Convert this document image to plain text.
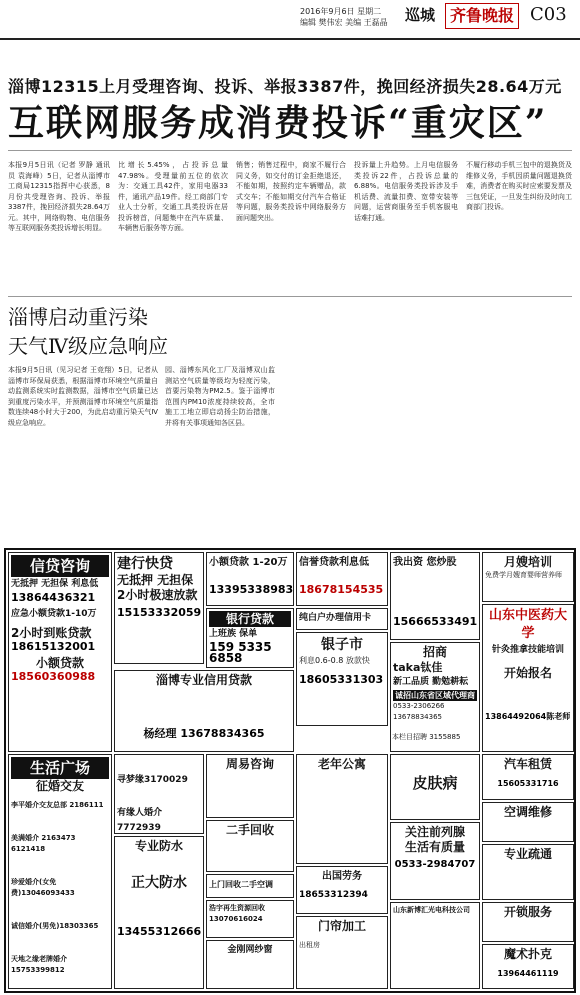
2016年9月6日 星期二
编辑 樊伟宏 美编 王磊晶 巡城 齐鲁晚报 C03
淄博12315上月受理咨询、投诉、举报3387件，挽回经济损失28.64万元
互联网服务成消费投诉“重灾区”
本报9月5日讯（记者 罗静 通讯员 袁海峰）5日，记者从淄博市工商局12315指挥中心获悉，8月份共受理咨询、投诉、举报3387件，挽回经济损失28.64万元。其中，网络购物、电信服务等互联网服务类投诉增长明显。
比增长5.45%，占投诉总量47.98%。受理量前五位的依次为：交通工具42件，家用电器33件，通讯产品19件。经工商部门专业人士分析，交通工具类投诉在居投诉榜首，问题集中在汽车质量、车辆售后服务等方面。
销售；销售过程中，商家不履行合同义务，如交付的订金拒绝退还，不能如期，按照约定车辆赠品，款式交车；不能如期交付汽车合格证等问题，服务类投诉中网络服务方面问题突出。
投诉量上升趋势。上月电信服务类投诉22件，占投诉总量的6.88%。电信服务类投诉涉及手机话费、流量扣费、宽带安装等问题，运营商服务至手机客服电话难打通。
不履行移动手机三包中的退换货及维修义务，手机因质量问题退换货难，消费者在购买时应索要发票及三包凭证，一旦发生纠纷及时向工商部门投诉。
淄博启动重污染
天气Ⅳ级应急响应
本报9月5日讯（见习记者 王竞翔）5日，记者从淄博市环保局获悉，根据淄博市环境空气质量自动监测系统实时监测数据，淄博市空气质量已达到重度污染水平，并预测淄博市环境空气质量指数连续48小时大于200，为此启动重污染天气Ⅳ级应急响应。
园、淄博东风化工厂及淄博双山监测站空气质量等级均为轻度污染，首要污染物为PM2.5。鉴于淄博市范围内PM10浓度持续较高，全市施工工地立即启动扬尘防治措施，并将有关事项通知各区县。
信贷咨询
无抵押 无担保 利息低
13864436321
应急小额贷款1-10万
2小时到账贷款
18615132001
小额贷款
18560360988
建行快贷
无抵押 无担保
2小时极速放款
15153332059
小额贷款 1-20万
13395338983
银行贷款
上班族 保单
159 5335 6858
淄博专业信用贷款
杨经理 13678834365
信誉贷款利息低
18678154535
纯白户办理信用卡
银子市
利息0.6-0.8 放款快
18605331303
我出资 您炒股
15666533491
招商
taka钛佳
新工品质 勤勉耕耘
诚招山东省区域代理商
0533-2306266 13678834365
月嫂培训
免费学月嫂育婴师营养师
山东中医药大学
针灸推拿技能培训
开始报名
13864492064陈老师
生活广场
征婚交友
李平婚介交友总部 2186111
美满婚介 2163473 6121418
珍爱婚介(女免费)13046093433
诚信婚介(男免)18303365
天地之缘老牌婚介15753399812
寻梦缘3170029
有缘人婚介7772939
专业防水
正大防水
13455312666
周易咨询
二手回收
上门回收二手空调
浩宇再生资源回收13070616024
金刚网纱窗
老年公寓
出国劳务
18653312394
门帘加工
出租房
皮肤病
关注前列腺
生活有质量
0533-2984707
山东新博汇光电科技公司
汽车租赁
15605331716
空调维修
专业疏通
开锁服务
魔术扑克
13964461119
本栏目招聘 3155885
